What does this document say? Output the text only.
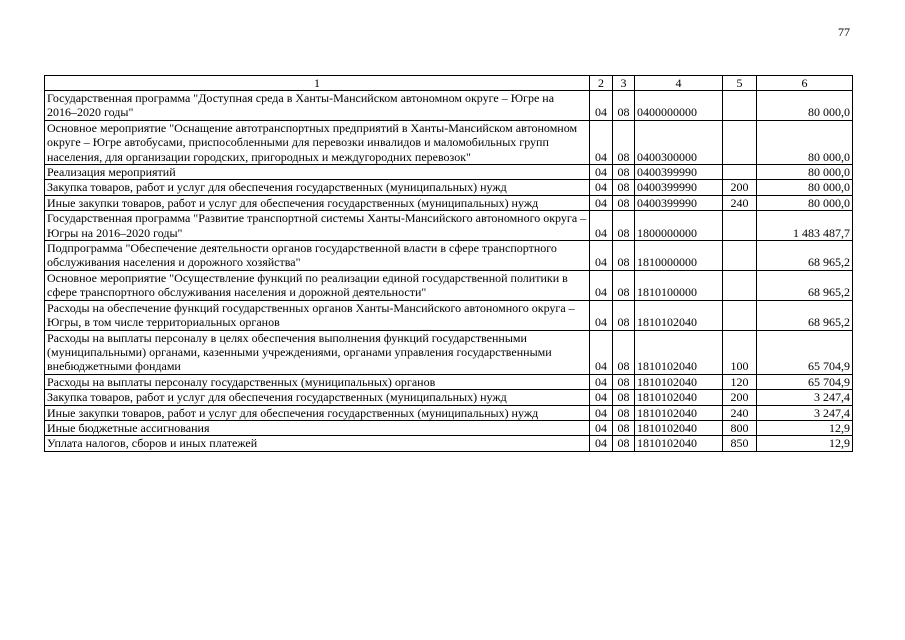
77
1	2	3	4	5	6
Государственная программа "Доступная среда в Ханты-Мансийском автономном округе – Югре на 2016–2020 годы"	04	08	0400000000		80 000,0
Основное мероприятие "Оснащение автотранспортных предприятий в Ханты-Мансийском автономном округе – Югре автобусами, приспособленными для перевозки инвалидов и маломобильных групп населения, для организации городских, пригородных и междугородних перевозок"	04	08	0400300000		80 000,0
Реализация мероприятий	04	08	0400399990		80 000,0
Закупка товаров, работ и услуг для обеспечения государственных (муниципальных) нужд	04	08	0400399990	200	80 000,0
Иные закупки товаров, работ и услуг для обеспечения государственных (муниципальных) нужд	04	08	0400399990	240	80 000,0
Государственная программа "Развитие транспортной системы Ханты-Мансийского автономного округа – Югры на 2016–2020 годы"	04	08	1800000000		1 483 487,7
Подпрограмма "Обеспечение деятельности органов государственной власти в сфере транспортного обслуживания населения и дорожного хозяйства"	04	08	1810000000		68 965,2
Основное мероприятие "Осуществление функций по реализации единой государственной политики в сфере транспортного обслуживания населения и дорожной деятельности"	04	08	1810100000		68 965,2
Расходы на обеспечение функций государственных органов Ханты-Мансийского автономного округа – Югры, в том числе территориальных органов	04	08	1810102040		68 965,2
Расходы на выплаты персоналу в целях обеспечения выполнения функций государственными (муниципальными) органами, казенными учреждениями, органами управления государственными внебюджетными фондами	04	08	1810102040	100	65 704,9
Расходы на выплаты персоналу государственных (муниципальных) органов	04	08	1810102040	120	65 704,9
Закупка товаров, работ и услуг для обеспечения государственных (муниципальных) нужд	04	08	1810102040	200	3 247,4
Иные закупки товаров, работ и услуг для обеспечения государственных (муниципальных) нужд	04	08	1810102040	240	3 247,4
Иные бюджетные ассигнования	04	08	1810102040	800	12,9
Уплата налогов, сборов и иных платежей	04	08	1810102040	850	12,9
